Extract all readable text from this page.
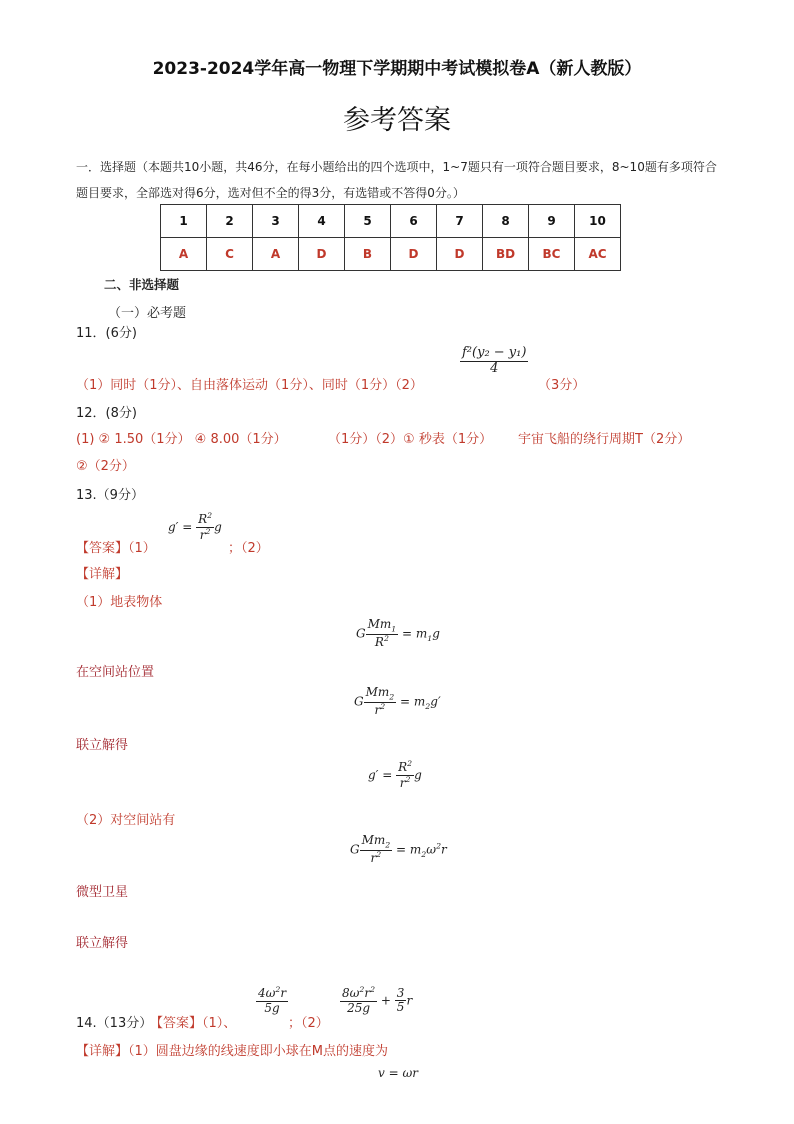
2023-2024学年高一物理下学期期中考试模拟卷A（新人教版）
参考答案
一．选择题（本题共10小题，共46分，在每小题给出的四个选项中，1~7题只有一项符合题目要求，8~10题有多项符合题目要求，全部选对得6分，选对但不全的得3分，有选错或不答得0分。）
1	2	3	4	5	6	7	8	9	10
A	C	A	D	B	D	D	BD	BC	AC
二、非选择题
（一）必考题
11．(6分)
（1）同时（1分）、自由落体运动（1分）、同时（1分）（2）
$\frac{\text{f²(y₂ − y₁)}}{4}$
（3分）
12．(8分)
(1) ② 1.50（1分） ④ 8.00（1分）	（1分）（2）① 秒表（1分） 宇宙飞船的绕行周期T（2分）
②（2分）
13.（9分）
【答案】（1）
$g' = \frac{R^2}{r^2}$ g
；（2）
【详解】
（1）地表物体
G $\frac{Mm_1}{R^2} = m_1g$
在空间站位置
G $\frac{Mm_2}{r^2} = m_2g'$
联立解得
$g' = \frac{R^2}{r^2}$ g
（2）对空间站有
G $\frac{Mm_2}{r^2} = m_2\omega^2r$
微型卫星
联立解得
14.（13分）
【答案】（1）、
$\frac{4\omega^2r}{5g}$
；（2）
$\frac{8\omega^2r^2}{25g} + \frac{3}{5}$ r
【详解】（1）圆盘边缘的线速度即小球在M点的速度为
v = ωr
